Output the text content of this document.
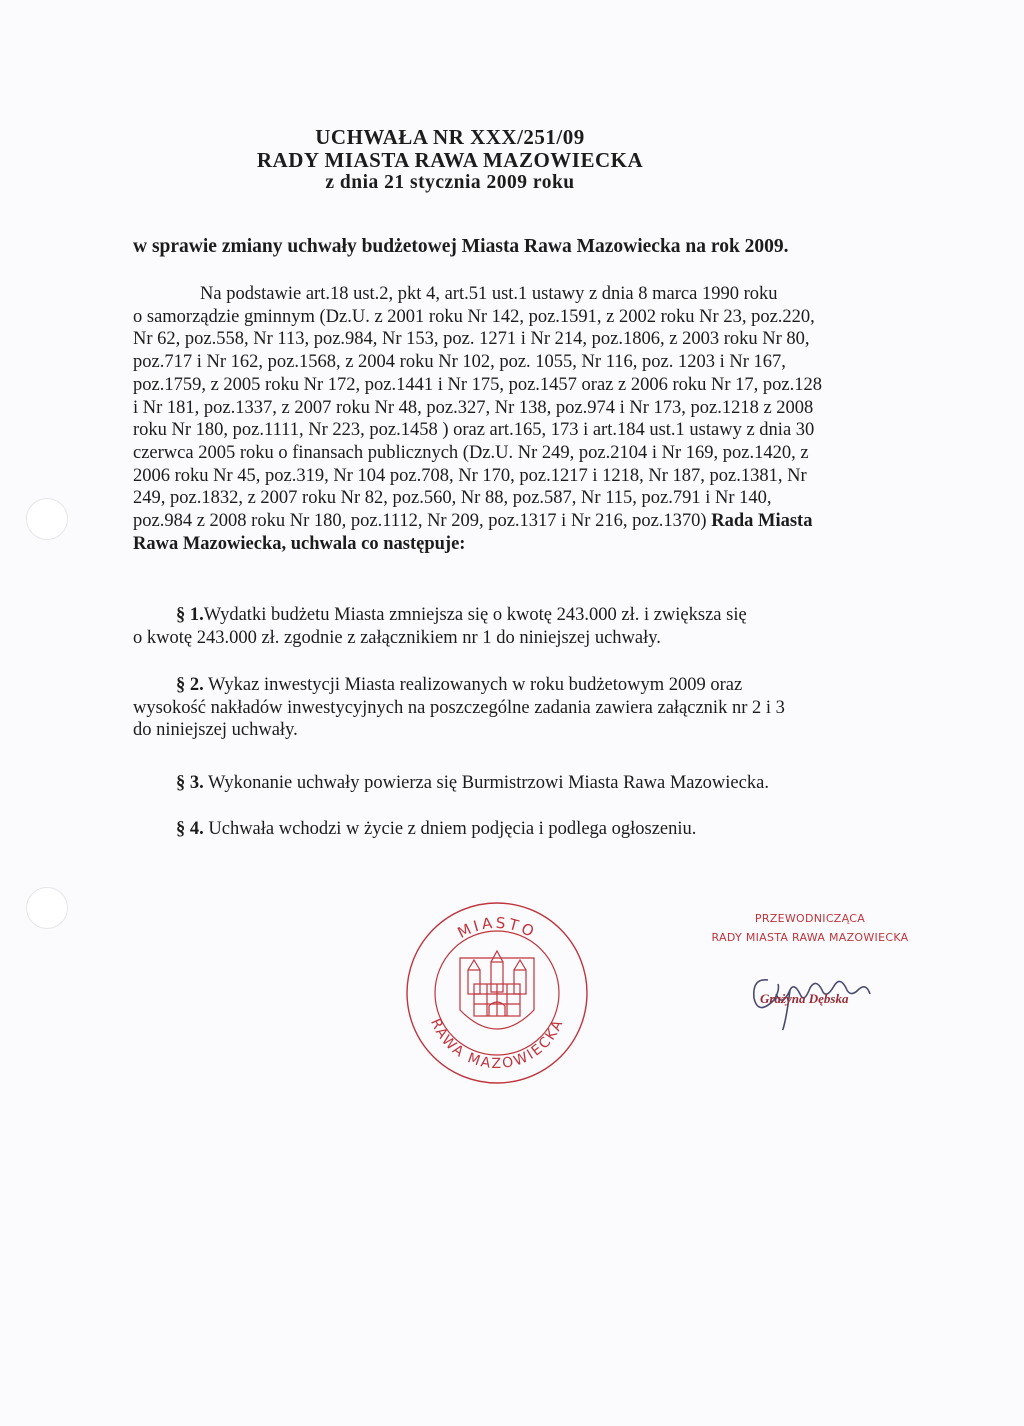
UCHWAŁA NR XXX/251/09
RADY MIASTA RAWA MAZOWIECKA
z dnia 21 stycznia 2009 roku
w sprawie zmiany uchwały budżetowej Miasta Rawa Mazowiecka na rok 2009.
Na podstawie art.18 ust.2, pkt 4, art.51 ust.1 ustawy z dnia 8 marca 1990 roku
o samorządzie gminnym (Dz.U. z 2001 roku Nr 142, poz.1591, z 2002 roku Nr 23, poz.220,
Nr 62, poz.558, Nr 113, poz.984, Nr 153, poz. 1271 i Nr 214, poz.1806, z 2003 roku Nr 80,
poz.717 i Nr 162, poz.1568, z 2004 roku Nr 102, poz. 1055, Nr 116, poz. 1203 i Nr 167,
poz.1759, z 2005 roku Nr 172, poz.1441 i Nr 175, poz.1457 oraz z 2006 roku Nr 17, poz.128
i Nr 181, poz.1337, z 2007 roku Nr 48, poz.327, Nr 138, poz.974 i Nr 173, poz.1218 z 2008
roku Nr 180, poz.1111, Nr 223, poz.1458 ) oraz art.165, 173 i art.184 ust.1 ustawy z dnia 30
czerwca 2005 roku o finansach publicznych (Dz.U. Nr 249, poz.2104 i Nr 169, poz.1420, z
2006 roku Nr 45, poz.319, Nr 104 poz.708, Nr 170, poz.1217 i 1218, Nr 187, poz.1381, Nr
249, poz.1832, z 2007 roku Nr 82, poz.560, Nr 88, poz.587, Nr 115, poz.791 i Nr 140,
poz.984 z 2008 roku Nr 180, poz.1112, Nr 209, poz.1317 i Nr 216, poz.1370) Rada Miasta
Rawa Mazowiecka, uchwala co następuje:
§ 1.Wydatki budżetu Miasta zmniejsza się o kwotę 243.000 zł. i zwiększa się
o kwotę 243.000 zł. zgodnie z załącznikiem nr 1 do niniejszej uchwały.
§ 2. Wykaz inwestycji Miasta realizowanych w roku budżetowym 2009 oraz
wysokość nakładów inwestycyjnych na poszczególne zadania zawiera załącznik nr 2 i 3
do niniejszej uchwały.
§ 3. Wykonanie uchwały powierza się Burmistrzowi Miasta Rawa Mazowiecka.
§ 4. Uchwała wchodzi w życie z dniem podjęcia i podlega ogłoszeniu.
MIASTO
RAWA MAZOWIECKA
PRZEWODNICZĄCA
RADY MIASTA RAWA MAZOWIECKA
Grażyna Dębska
